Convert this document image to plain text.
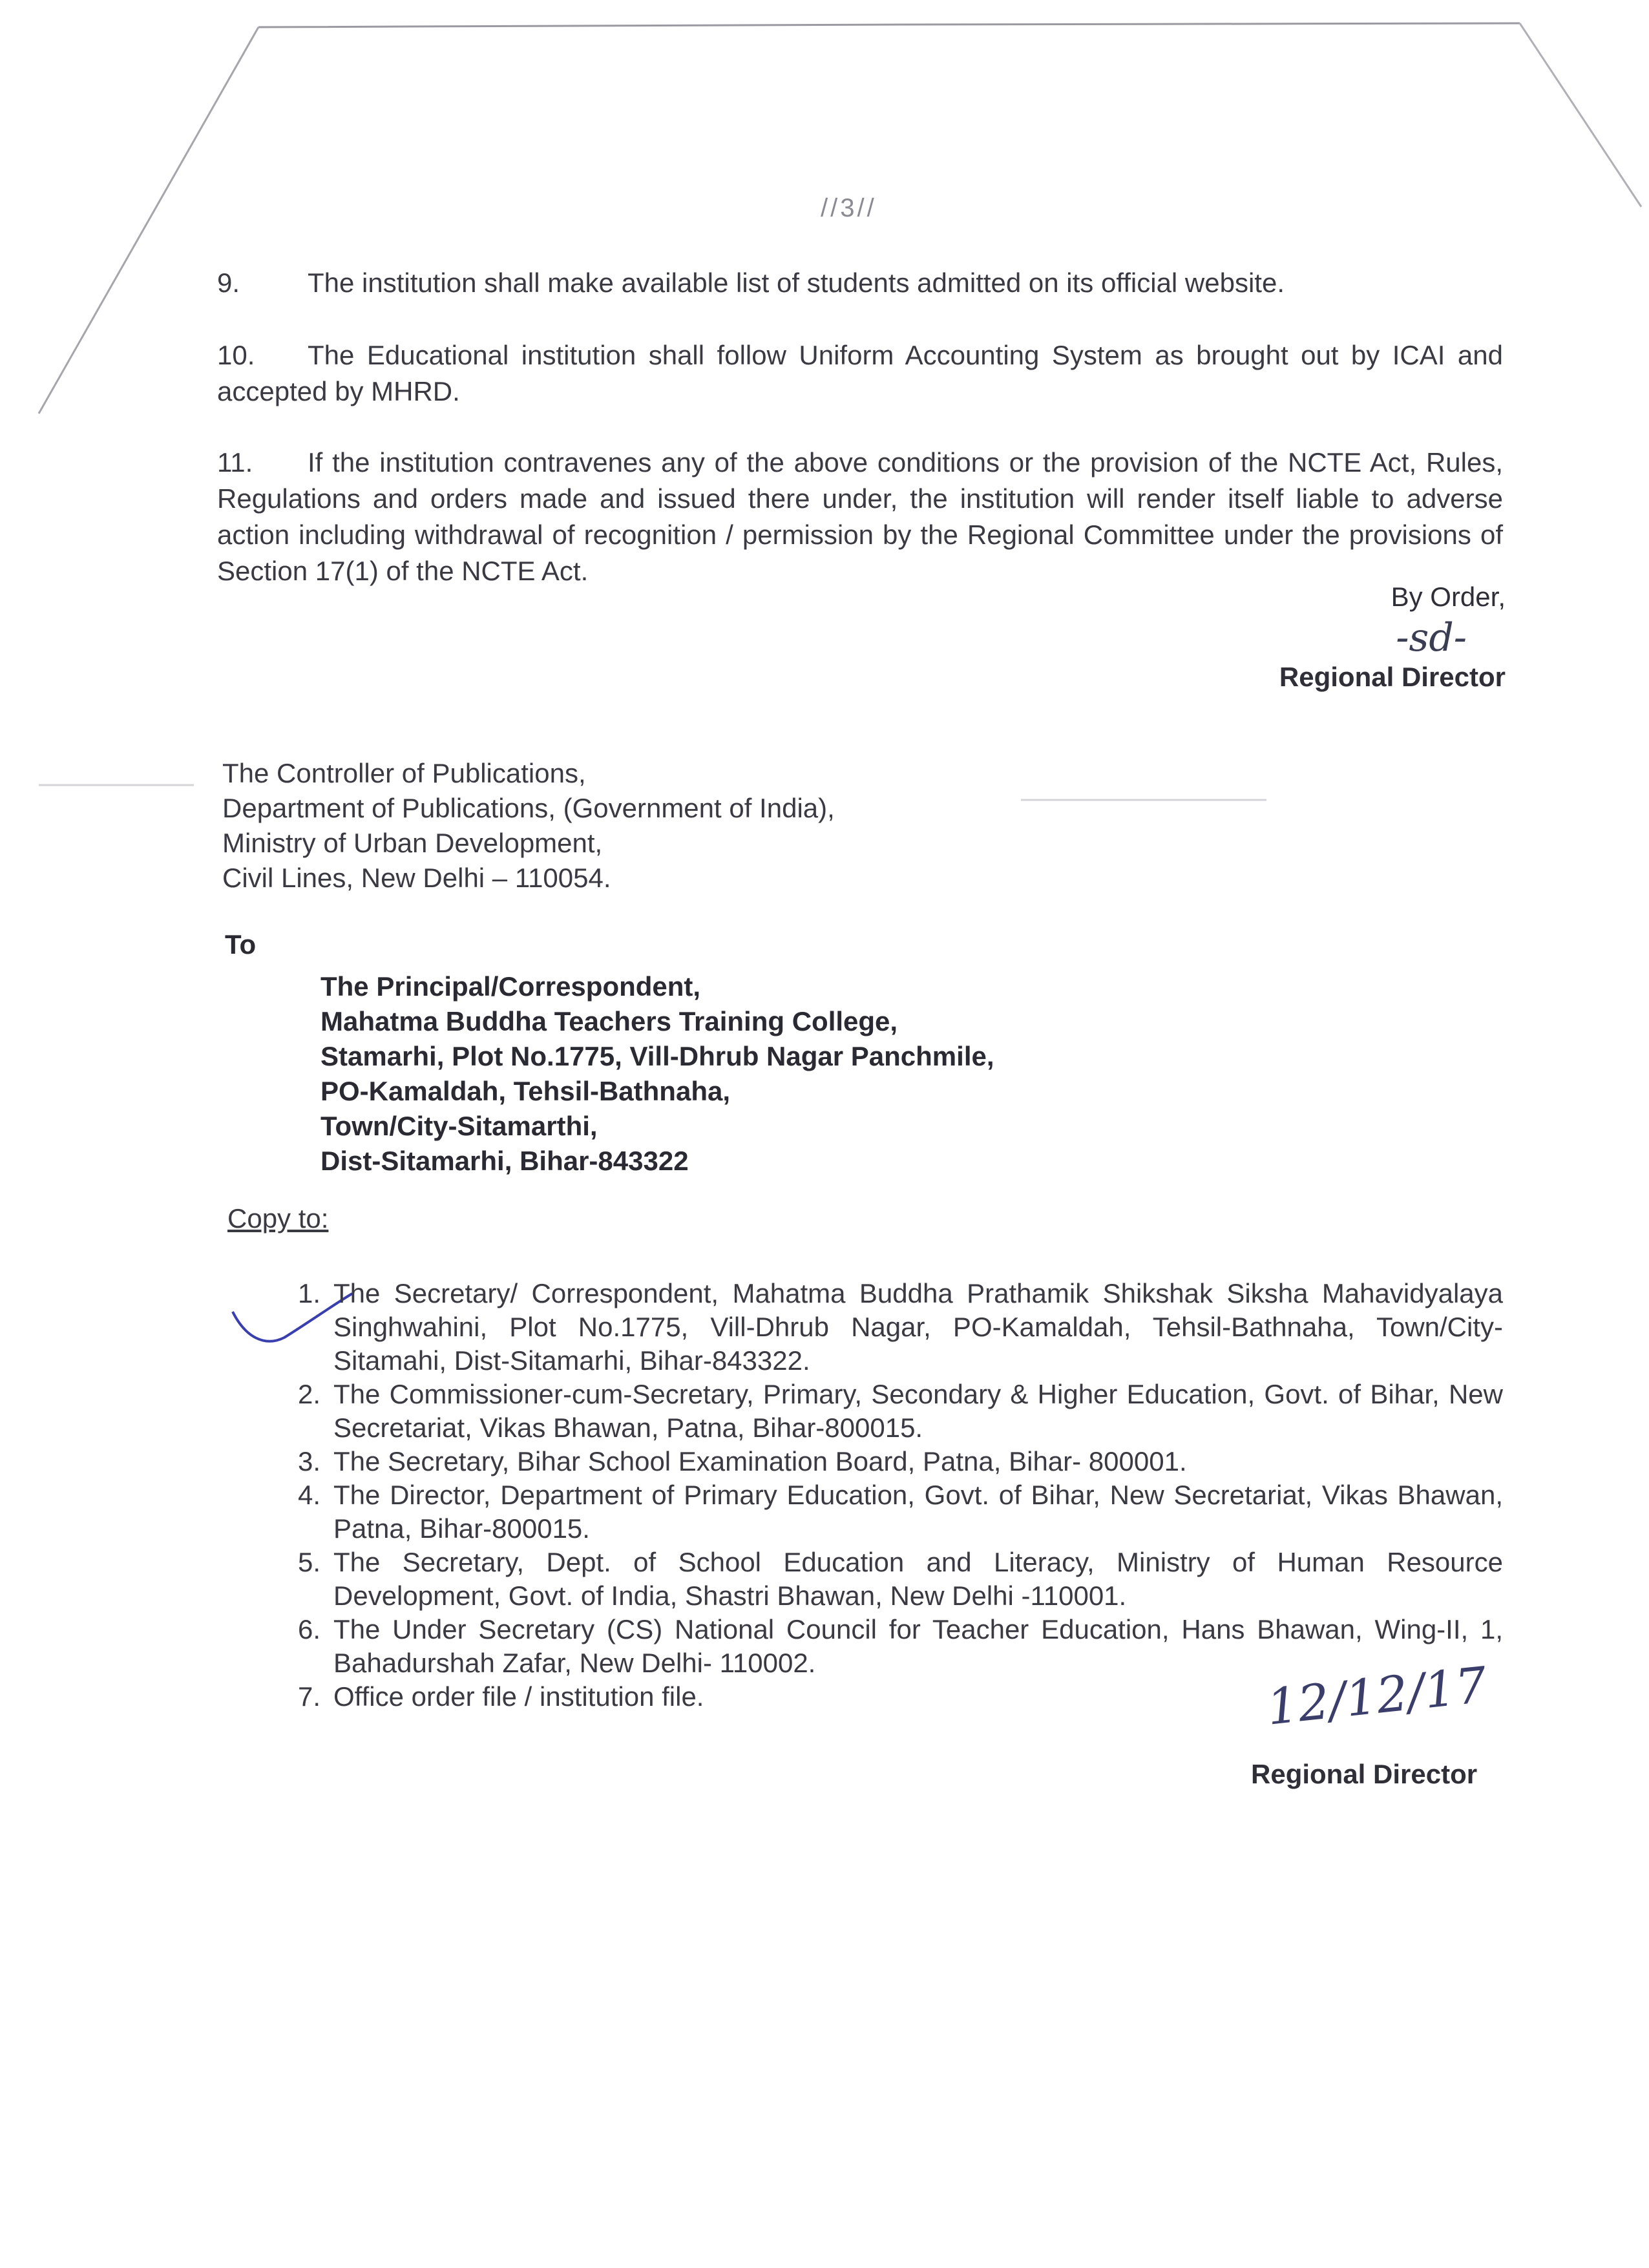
//3//
9. The institution shall make available list of students admitted on its official website.
10. The Educational institution shall follow Uniform Accounting System as brought out by ICAI and accepted by MHRD.
11. If the institution contravenes any of the above conditions or the provision of the NCTE Act, Rules, Regulations and orders made and issued there under, the institution will render itself liable to adverse action including withdrawal of recognition / permission by the Regional Committee under the provisions of Section 17(1) of the NCTE Act.
By Order,
-sd-
Regional Director
The Controller of Publications,
Department of Publications, (Government of India),
Ministry of Urban Development,
Civil Lines, New Delhi – 110054.
To
The Principal/Correspondent,
Mahatma Buddha Teachers Training College,
Stamarhi, Plot No.1775, Vill-Dhrub Nagar Panchmile,
PO-Kamaldah, Tehsil-Bathnaha,
Town/City-Sitamarthi,
Dist-Sitamarhi, Bihar-843322
Copy to:
1. The Secretary/ Correspondent, Mahatma Buddha Prathamik Shikshak Siksha Mahavidyalaya Singhwahini, Plot No.1775, Vill-Dhrub Nagar, PO-Kamaldah, Tehsil-Bathnaha, Town/City-Sitamahi, Dist-Sitamarhi, Bihar-843322.
2. The Commissioner-cum-Secretary, Primary, Secondary & Higher Education, Govt. of Bihar, New Secretariat, Vikas Bhawan, Patna, Bihar-800015.
3. The Secretary, Bihar School Examination Board, Patna, Bihar- 800001.
4. The Director, Department of Primary Education, Govt. of Bihar, New Secretariat, Vikas Bhawan, Patna, Bihar-800015.
5. The Secretary, Dept. of School Education and Literacy, Ministry of Human Resource Development, Govt. of India, Shastri Bhawan, New Delhi -110001.
6. The Under Secretary (CS) National Council for Teacher Education, Hans Bhawan, Wing-II, 1, Bahadurshah Zafar, New Delhi- 110002.
7. Office order file / institution file.	12/12/17
Regional Director
